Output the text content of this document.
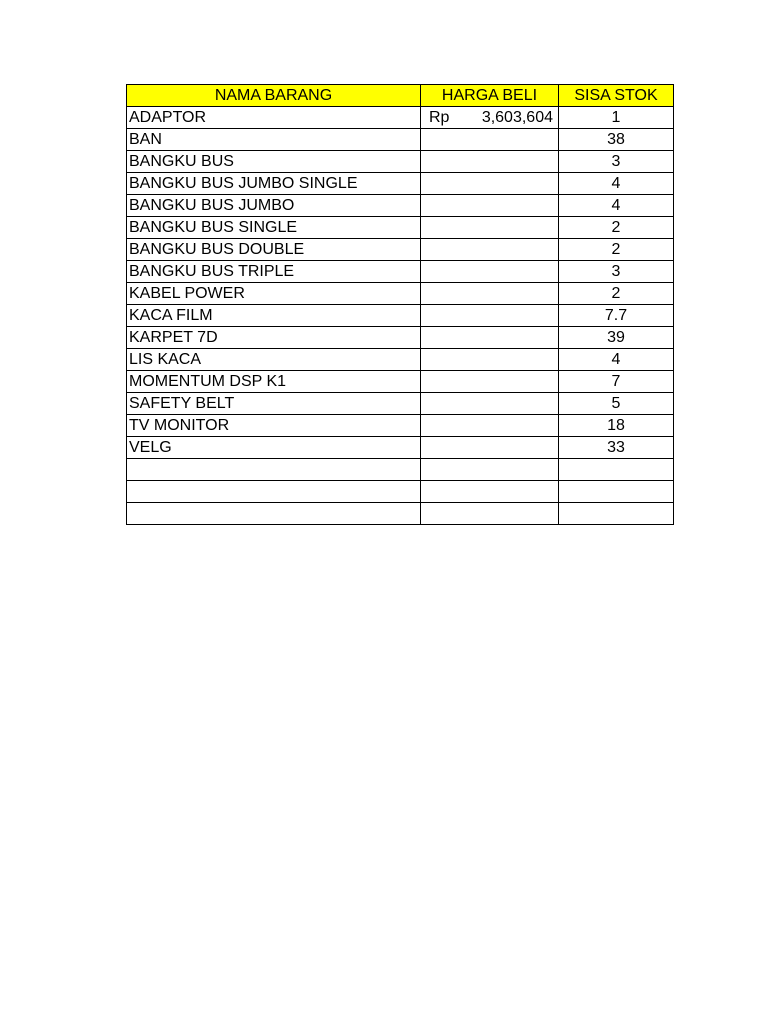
NAMA BARANG	HARGA BELI	SISA STOK
ADAPTOR	Rp 3,603,604	1
BAN		38
BANGKU BUS		3
BANGKU BUS JUMBO SINGLE		4
BANGKU BUS JUMBO		4
BANGKU BUS SINGLE		2
BANGKU BUS DOUBLE		2
BANGKU BUS TRIPLE		3
KABEL POWER		2
KACA FILM		7.7
KARPET 7D		39
LIS KACA		4
MOMENTUM DSP K1		7
SAFETY BELT		5
TV MONITOR		18
VELG		33
